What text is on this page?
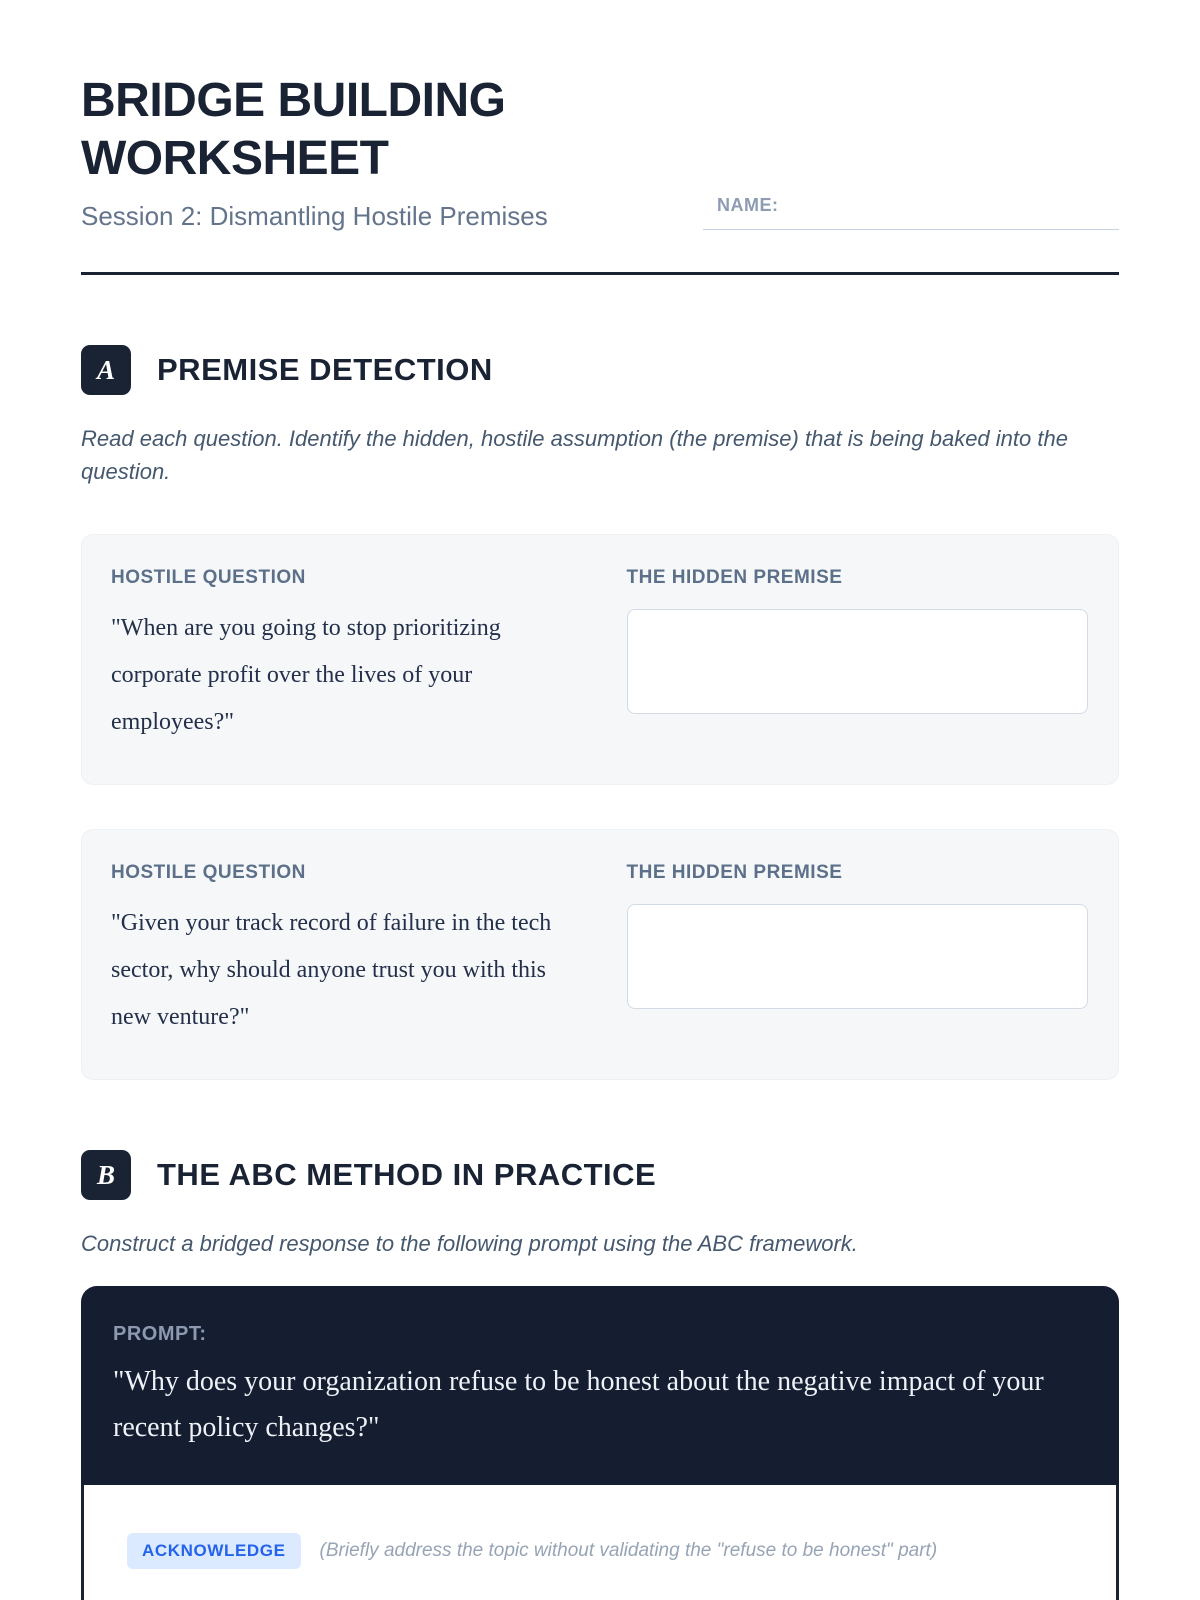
BRIDGE BUILDING
WORKSHEET
Session 2: Dismantling Hostile Premises	NAME:
A	PREMISE DETECTION
Read each question. Identify the hidden, hostile assumption (the premise) that is being baked into the question.
HOSTILE QUESTION
"When are you going to stop prioritizing corporate profit over the lives of your employees?"
THE HIDDEN PREMISE
HOSTILE QUESTION
"Given your track record of failure in the tech sector, why should anyone trust you with this new venture?"
THE HIDDEN PREMISE
B	THE ABC METHOD IN PRACTICE
Construct a bridged response to the following prompt using the ABC framework.
PROMPT:
"Why does your organization refuse to be honest about the negative impact of your recent policy changes?"
ACKNOWLEDGE	(Briefly address the topic without validating the "refuse to be honest" part)
